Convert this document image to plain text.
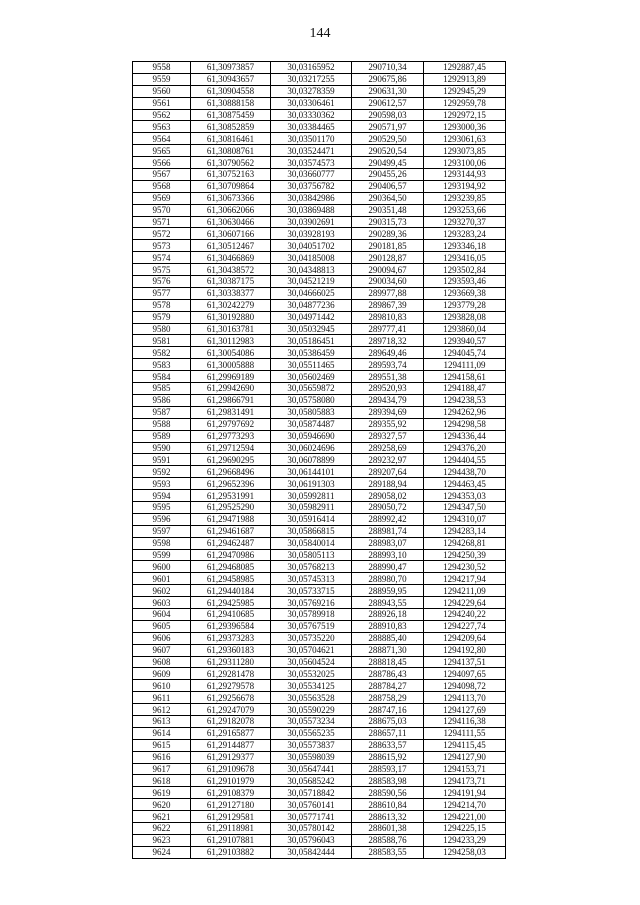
144
9558	61,30973857	30,03165952	290710,34	1292887,45
9559	61,30943657	30,03217255	290675,86	1292913,89
9560	61,30904558	30,03278359	290631,30	1292945,29
9561	61,30888158	30,03306461	290612,57	1292959,78
9562	61,30875459	30,03330362	290598,03	1292972,15
9563	61,30852859	30,03384465	290571,97	1293000,36
9564	61,30816461	30,03501170	290529,50	1293061,63
9565	61,30808761	30,03524471	290520,54	1293073,85
9566	61,30790562	30,03574573	290499,45	1293100,06
9567	61,30752163	30,03660777	290455,26	1293144,93
9568	61,30709864	30,03756782	290406,57	1293194,92
9569	61,30673366	30,03842986	290364,50	1293239,85
9570	61,30662066	30,03869488	290351,48	1293253,66
9571	61,30630466	30,03902691	290315,73	1293270,37
9572	61,30607166	30,03928193	290289,36	1293283,24
9573	61,30512467	30,04051702	290181,85	1293346,18
9574	61,30466869	30,04185008	290128,87	1293416,05
9575	61,30438572	30,04348813	290094,67	1293502,84
9576	61,30387175	30,04521219	290034,60	1293593,46
9577	61,30338377	30,04666025	289977,88	1293669,38
9578	61,30242279	30,04877236	289867,39	1293779,28
9579	61,30192880	30,04971442	289810,83	1293828,08
9580	61,30163781	30,05032945	289777,41	1293860,04
9581	61,30112983	30,05186451	289718,32	1293940,57
9582	61,30054086	30,05386459	289649,46	1294045,74
9583	61,30005888	30,05511465	289593,74	1294111,09
9584	61,29969189	30,05602469	289551,38	1294158,61
9585	61,29942690	30,05659872	289520,93	1294188,47
9586	61,29866791	30,05758080	289434,79	1294238,53
9587	61,29831491	30,05805883	289394,69	1294262,96
9588	61,29797692	30,05874487	289355,92	1294298,58
9589	61,29773293	30,05946690	289327,57	1294336,44
9590	61,29712594	30,06024696	289258,69	1294376,20
9591	61,29690295	30,06078899	289232,97	1294404,55
9592	61,29668496	30,06144101	289207,64	1294438,70
9593	61,29652396	30,06191303	289188,94	1294463,45
9594	61,29531991	30,05992811	289058,02	1294353,03
9595	61,29525290	30,05982911	289050,72	1294347,50
9596	61,29471988	30,05916414	288992,42	1294310,07
9597	61,29461687	30,05866815	288981,74	1294283,14
9598	61,29462487	30,05840014	288983,07	1294268,81
9599	61,29470986	30,05805113	288993,10	1294250,39
9600	61,29468085	30,05768213	288990,47	1294230,52
9601	61,29458985	30,05745313	288980,70	1294217,94
9602	61,29440184	30,05733715	288959,95	1294211,09
9603	61,29425985	30,05769216	288943,55	1294229,64
9604	61,29410685	30,05789918	288926,18	1294240,22
9605	61,29396584	30,05767519	288910,83	1294227,74
9606	61,29373283	30,05735220	288885,40	1294209,64
9607	61,29360183	30,05704621	288871,30	1294192,80
9608	61,29311280	30,05604524	288818,45	1294137,51
9609	61,29281478	30,05532025	288786,43	1294097,65
9610	61,29279578	30,05534125	288784,27	1294098,72
9611	61,29256678	30,05563528	288758,29	1294113,70
9612	61,29247079	30,05590229	288747,16	1294127,69
9613	61,29182078	30,05573234	288675,03	1294116,38
9614	61,29165877	30,05565235	288657,11	1294111,55
9615	61,29144877	30,05573837	288633,57	1294115,45
9616	61,29129377	30,05598039	288615,92	1294127,90
9617	61,29109678	30,05647441	288593,17	1294153,71
9618	61,29101979	30,05685242	288583,98	1294173,71
9619	61,29108379	30,05718842	288590,56	1294191,94
9620	61,29127180	30,05760141	288610,84	1294214,70
9621	61,29129581	30,05771741	288613,32	1294221,00
9622	61,29118981	30,05780142	288601,38	1294225,15
9623	61,29107881	30,05796043	288588,76	1294233,29
9624	61,29103882	30,05842444	288583,55	1294258,03
